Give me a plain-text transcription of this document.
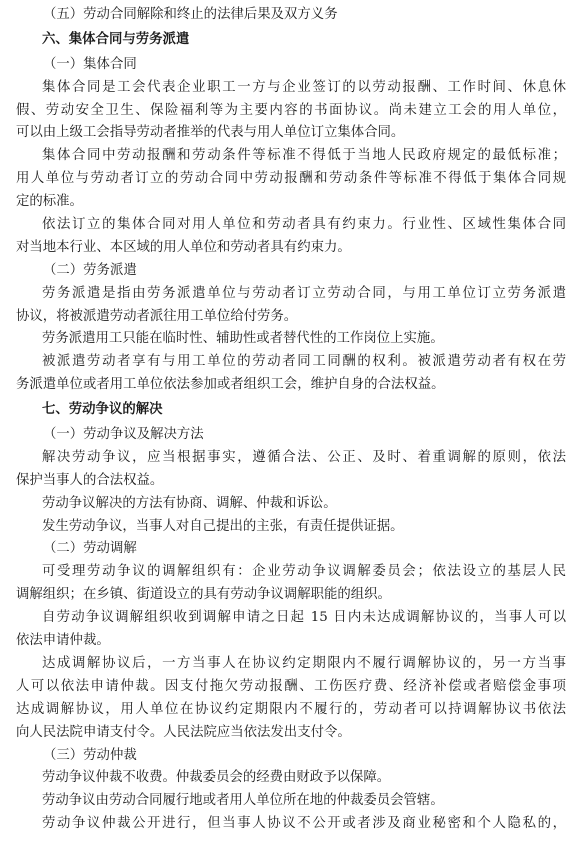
（五）劳动合同解除和终止的法律后果及双方义务
六、集体合同与劳务派遣
（一）集体合同
集体合同是工会代表企业职工一方与企业签订的以劳动报酬、工作时间、休息休
假、劳动安全卫生、保险福利等为主要内容的书面协议。尚未建立工会的用人单位，
可以由上级工会指导劳动者推举的代表与用人单位订立集体合同。
集体合同中劳动报酬和劳动条件等标准不得低于当地人民政府规定的最低标准；
用人单位与劳动者订立的劳动合同中劳动报酬和劳动条件等标准不得低于集体合同规
定的标准。
依法订立的集体合同对用人单位和劳动者具有约束力。行业性、区域性集体合同
对当地本行业、本区域的用人单位和劳动者具有约束力。
（二）劳务派遣
劳务派遣是指由劳务派遣单位与劳动者订立劳动合同，与用工单位订立劳务派遣
协议，将被派遣劳动者派往用工单位给付劳务。
劳务派遣用工只能在临时性、辅助性或者替代性的工作岗位上实施。
被派遣劳动者享有与用工单位的劳动者同工同酬的权利。被派遣劳动者有权在劳
务派遣单位或者用工单位依法参加或者组织工会，维护自身的合法权益。
七、劳动争议的解决
（一）劳动争议及解决方法
解决劳动争议，应当根据事实，遵循合法、公正、及时、着重调解的原则，依法
保护当事人的合法权益。
劳动争议解决的方法有协商、调解、仲裁和诉讼。
发生劳动争议，当事人对自己提出的主张，有责任提供证据。
（二）劳动调解
可受理劳动争议的调解组织有：企业劳动争议调解委员会；依法设立的基层人民
调解组织；在乡镇、街道设立的具有劳动争议调解职能的组织。
自劳动争议调解组织收到调解申请之日起 15 日内未达成调解协议的，当事人可以
依法申请仲裁。
达成调解协议后，一方当事人在协议约定期限内不履行调解协议的，另一方当事
人可以依法申请仲裁。因支付拖欠劳动报酬、工伤医疗费、经济补偿或者赔偿金事项
达成调解协议，用人单位在协议约定期限内不履行的，劳动者可以持调解协议书依法
向人民法院申请支付令。人民法院应当依法发出支付令。
（三）劳动仲裁
劳动争议仲裁不收费。仲裁委员会的经费由财政予以保障。
劳动争议由劳动合同履行地或者用人单位所在地的仲裁委员会管辖。
劳动争议仲裁公开进行，但当事人协议不公开或者涉及商业秘密和个人隐私的，
